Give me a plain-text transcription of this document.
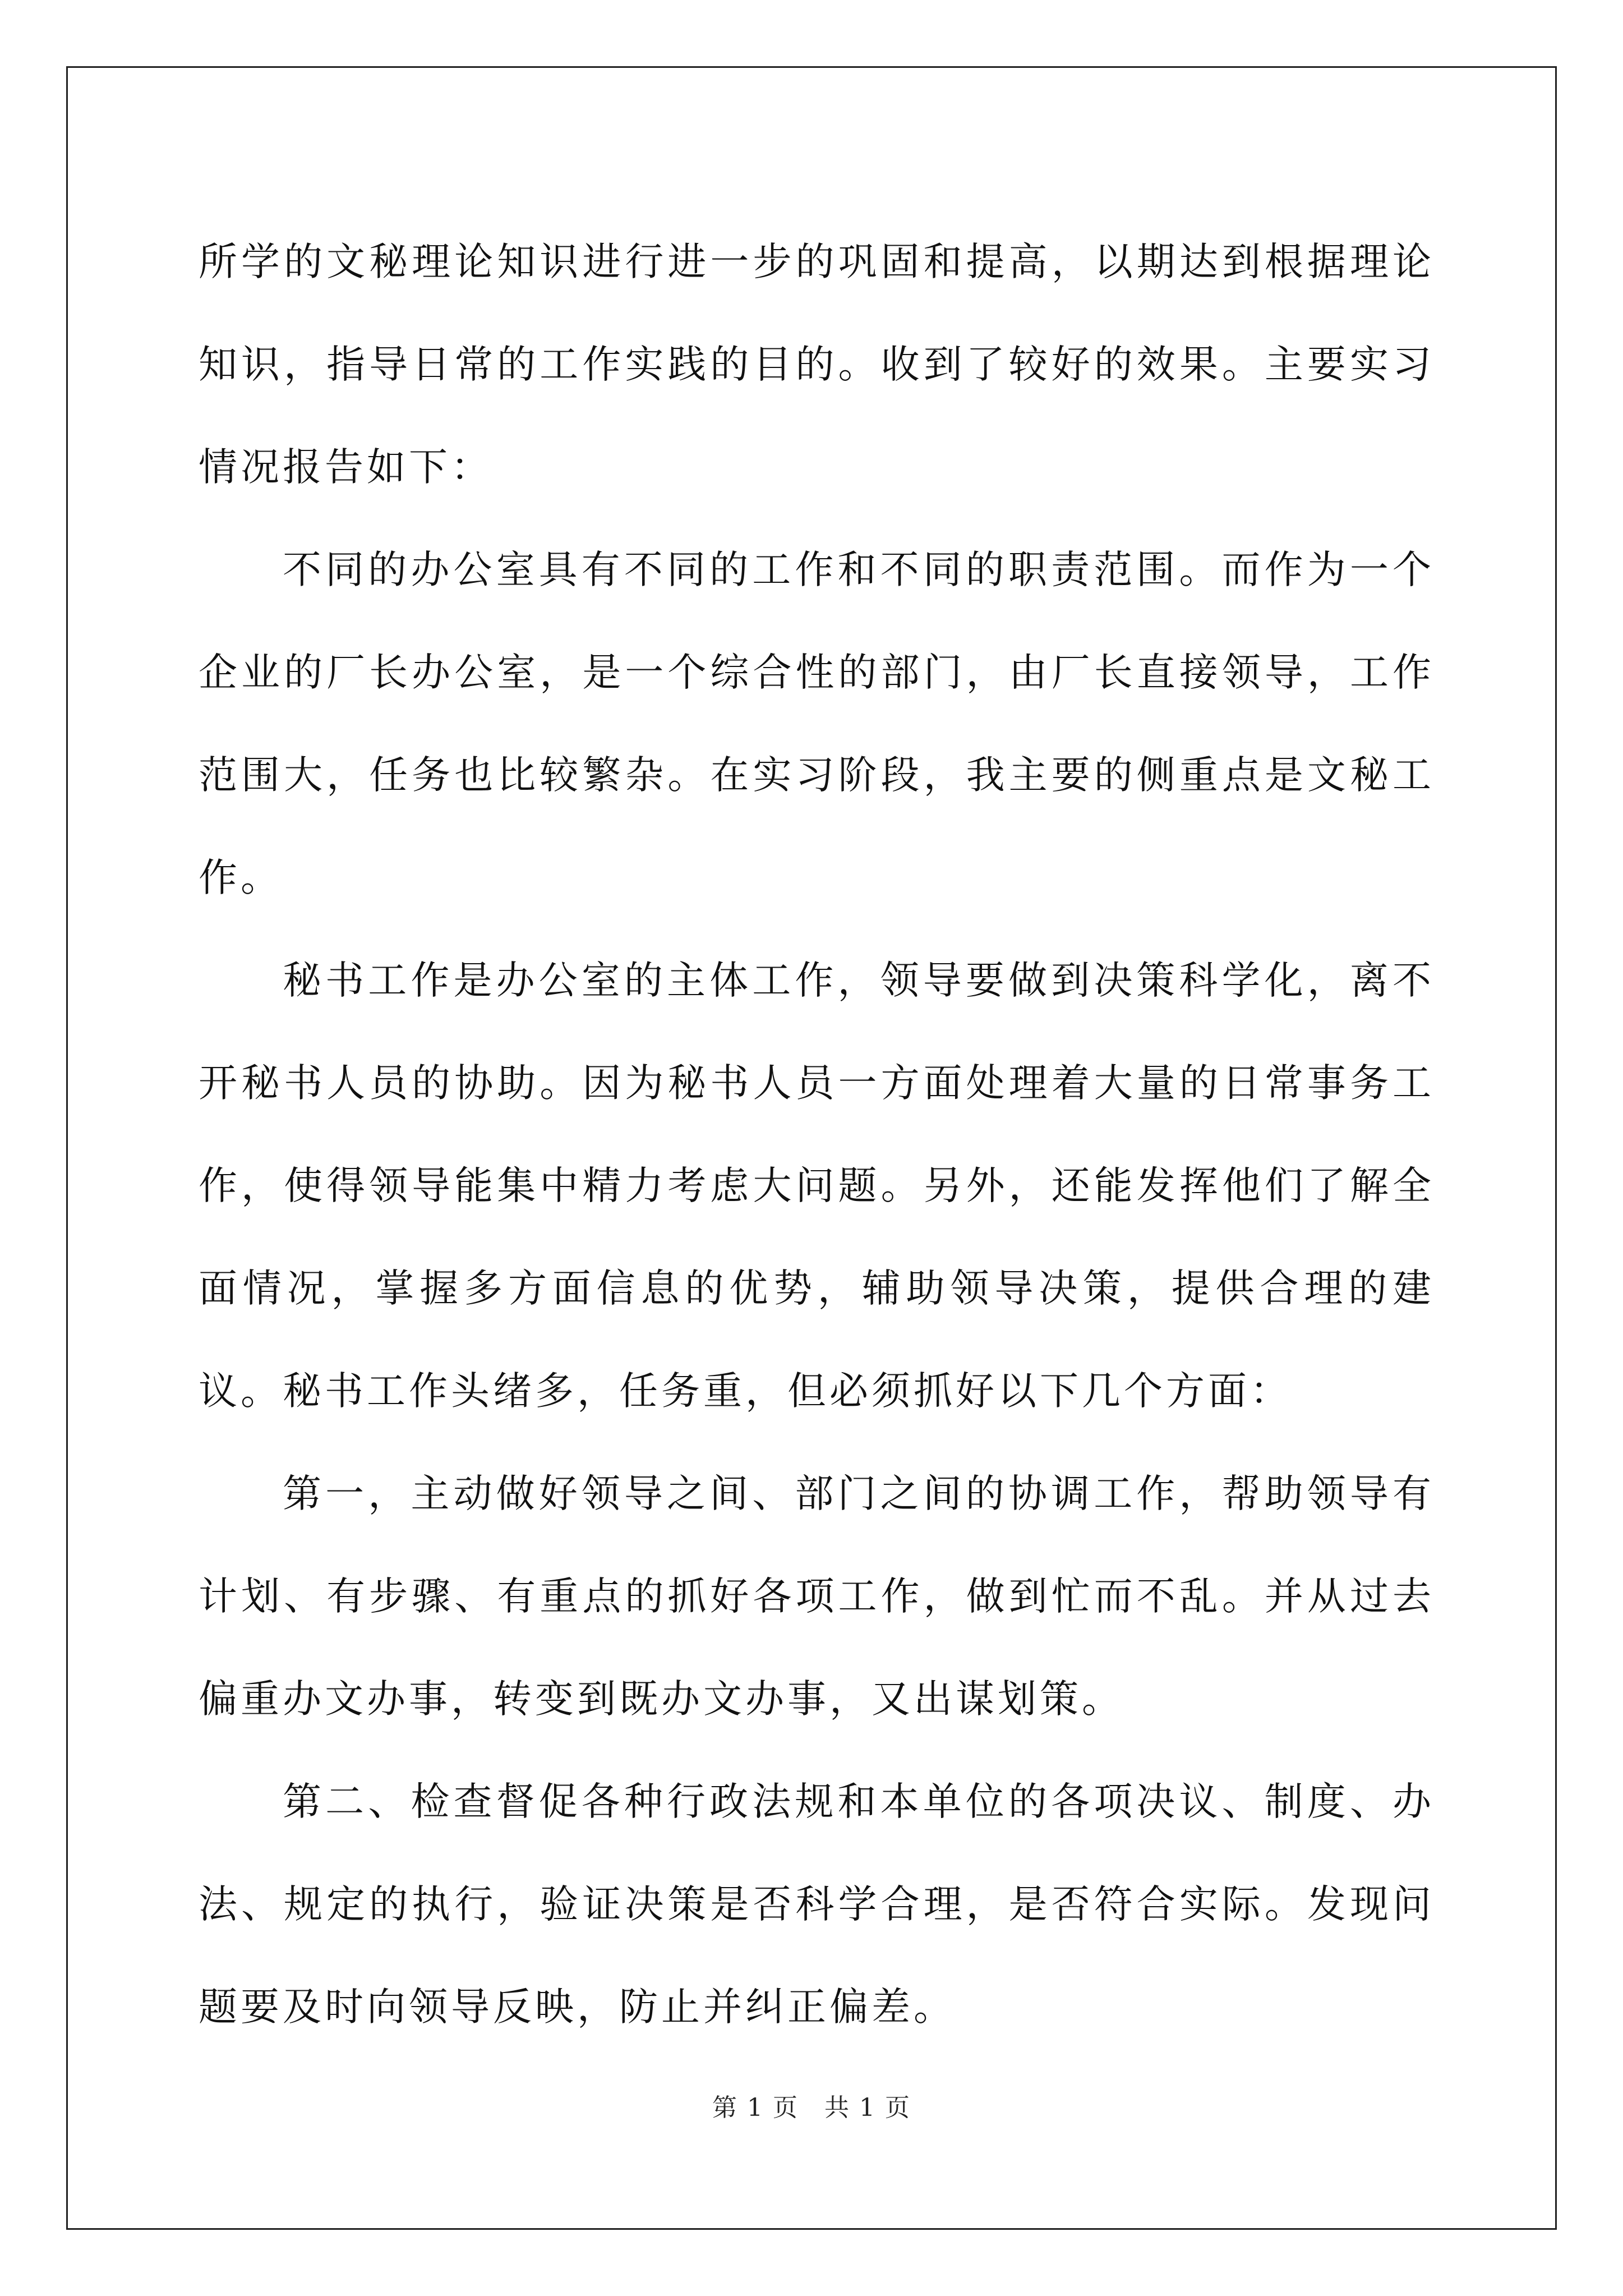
所学的文秘理论知识进行进一步的巩固和提高，以期达到根据理论知识，指导日常的工作实践的目的。收到了较好的效果。主要实习情况报告如下：

不同的办公室具有不同的工作和不同的职责范围。而作为一个企业的厂长办公室，是一个综合性的部门，由厂长直接领导，工作范围大，任务也比较繁杂。在实习阶段，我主要的侧重点是文秘工作。

秘书工作是办公室的主体工作，领导要做到决策科学化，离不开秘书人员的协助。因为秘书人员一方面处理着大量的日常事务工作，使得领导能集中精力考虑大问题。另外，还能发挥他们了解全面情况，掌握多方面信息的优势，辅助领导决策，提供合理的建议。秘书工作头绪多，任务重，但必须抓好以下几个方面：

第一，主动做好领导之间、部门之间的协调工作，帮助领导有计划、有步骤、有重点的抓好各项工作，做到忙而不乱。并从过去偏重办文办事，转变到既办文办事，又出谋划策。

第二、检查督促各种行政法规和本单位的各项决议、制度、办法、规定的执行，验证决策是否科学合理，是否符合实际。发现问题要及时向领导反映，防止并纠正偏差。

第 1 页　共 1 页
